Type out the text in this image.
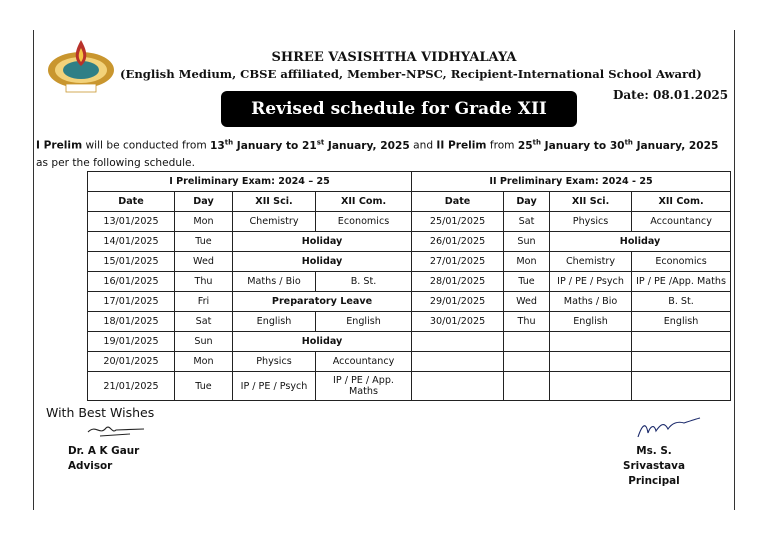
SHREE VASISHTHA VIDHYALAYA
(English Medium, CBSE affiliated, Member-NPSC, Recipient-International School Award)
Date: 08.01.2025
Revised schedule for Grade XII
I Prelim will be conducted from 13th January to 21st January, 2025 and II Prelim from 25th January to 30th January, 2025 as per the following schedule.
I Preliminary Exam: 2024 – 25				II Preliminary Exam: 2024 - 25			
Date	Day	XII Sci.	XII Com.	Date	Day	XII Sci.	XII Com.
13/01/2025	Mon	Chemistry	Economics	25/01/2025	Sat	Physics	Accountancy
14/01/2025	Tue	Holiday		26/01/2025	Sun	Holiday	
15/01/2025	Wed	Holiday		27/01/2025	Mon	Chemistry	Economics
16/01/2025	Thu	Maths / Bio	B. St.	28/01/2025	Tue	IP / PE / Psych	IP / PE /App. Maths
17/01/2025	Fri	Preparatory Leave		29/01/2025	Wed	Maths / Bio	B. St.
18/01/2025	Sat	English	English	30/01/2025	Thu	English	English
19/01/2025	Sun	Holiday					
20/01/2025	Mon	Physics	Accountancy				
21/01/2025	Tue	IP / PE / Psych	IP / PE / App. Maths				
With Best Wishes
Dr. A K Gaur
Advisor
Ms. S. Srivastava
Principal
